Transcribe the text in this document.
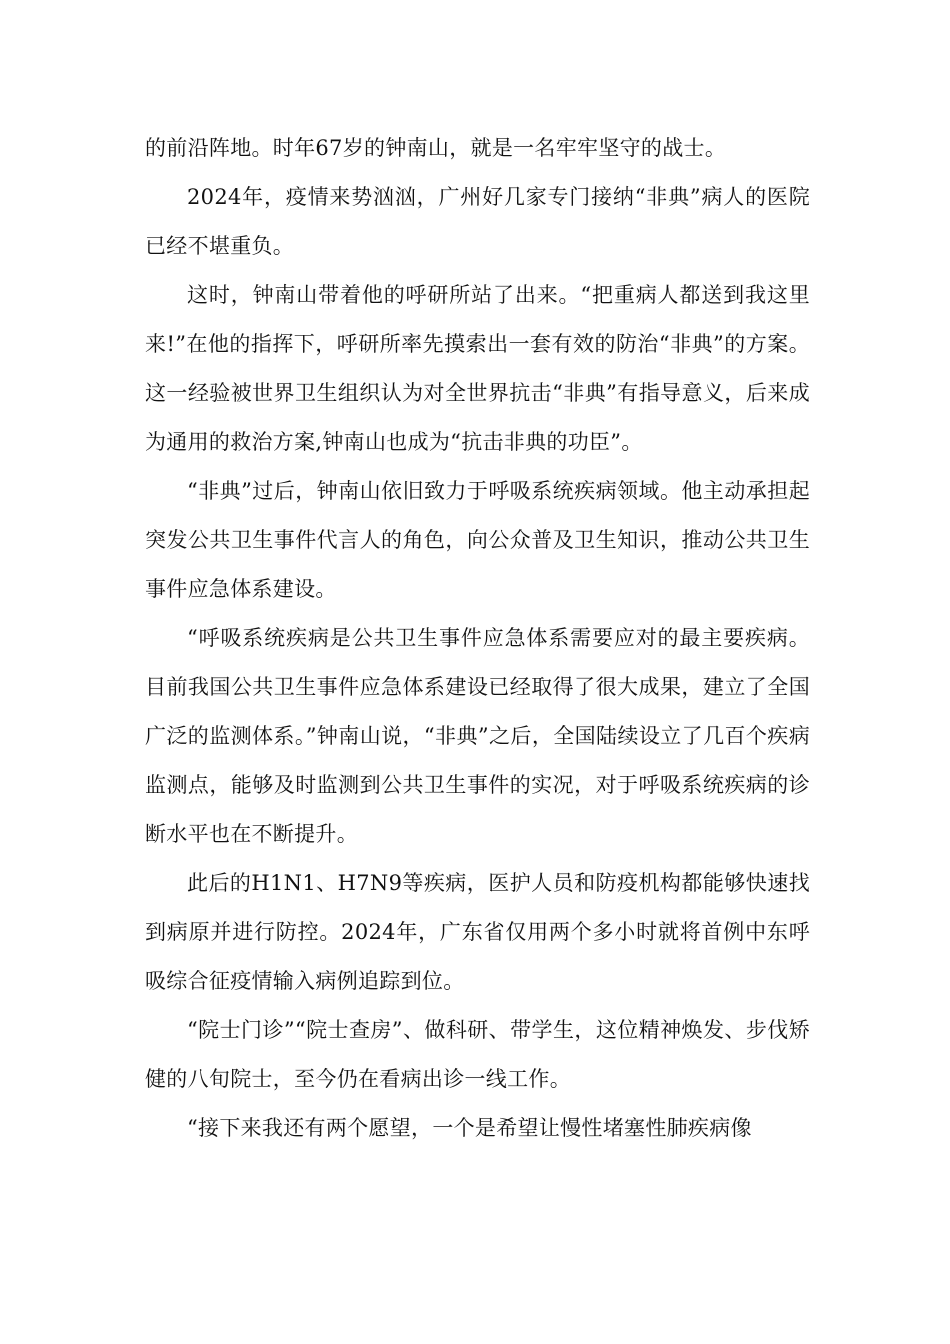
的前沿阵地。时年67岁的钟南山，就是一名牢牢坚守的战士。

2024年，疫情来势汹汹，广州好几家专门接纳“非典”病人的医院已经不堪重负。

这时，钟南山带着他的呼研所站了出来。“把重病人都送到我这里来!”在他的指挥下，呼研所率先摸索出一套有效的防治“非典”的方案。这一经验被世界卫生组织认为对全世界抗击“非典”有指导意义，后来成为通用的救治方案,钟南山也成为“抗击非典的功臣”。

“非典”过后，钟南山依旧致力于呼吸系统疾病领域。他主动承担起突发公共卫生事件代言人的角色，向公众普及卫生知识，推动公共卫生事件应急体系建设。

“呼吸系统疾病是公共卫生事件应急体系需要应对的最主要疾病。目前我国公共卫生事件应急体系建设已经取得了很大成果，建立了全国广泛的监测体系。”钟南山说，“非典”之后，全国陆续设立了几百个疾病监测点，能够及时监测到公共卫生事件的实况，对于呼吸系统疾病的诊断水平也在不断提升。

此后的H1N1、H7N9等疾病，医护人员和防疫机构都能够快速找到病原并进行防控。2024年，广东省仅用两个多小时就将首例中东呼吸综合征疫情输入病例追踪到位。

“院士门诊”“院士查房”、做科研、带学生，这位精神焕发、步伐矫健的八旬院士，至今仍在看病出诊一线工作。

“接下来我还有两个愿望，一个是希望让慢性堵塞性肺疾病像
